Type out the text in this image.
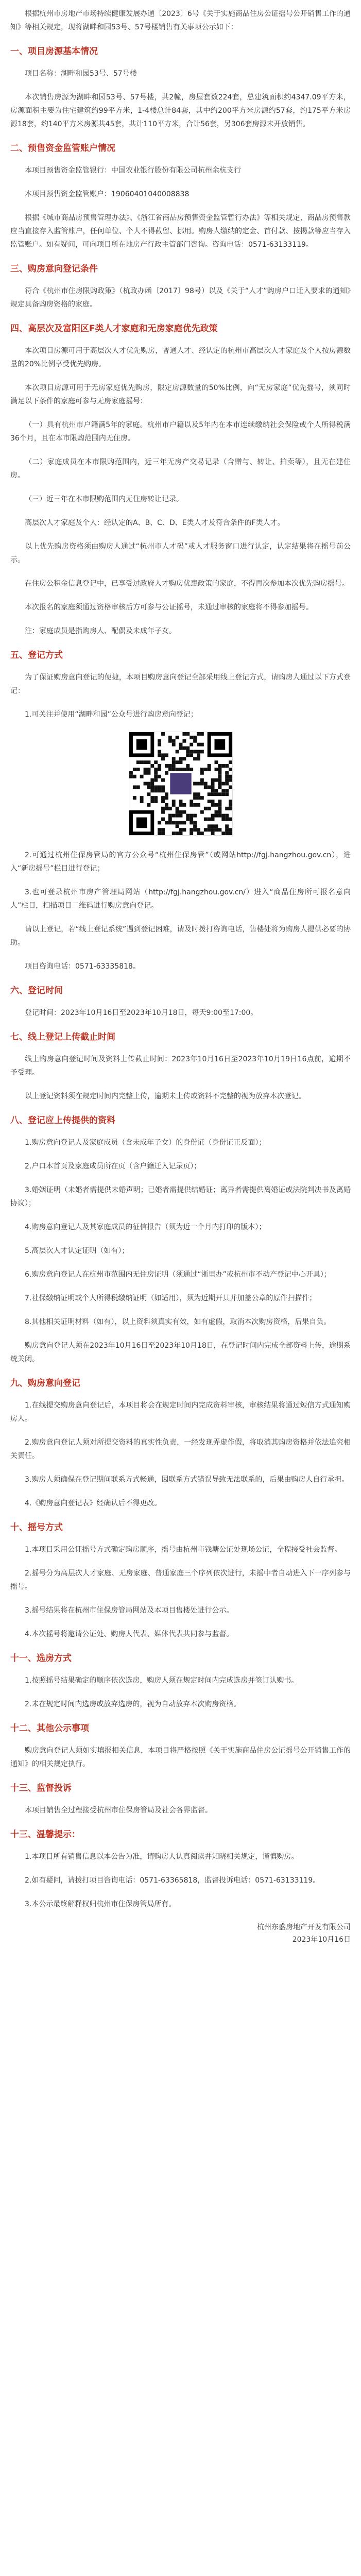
根据杭州市房地产市场持续健康发展办通〔2023〕6号《关于实施商品住房公证摇号公开销售工作的通知》等相关规定，现将湖畔和园53号、57号楼销售有关事项公示如下：

一、项目房源基本情况

项目名称：湖畔和园53号、57号楼

本次销售房源为湖畔和园53号、57号楼，共2幢，房屋套数224套，总建筑面积约4347.09平方米，房源面积主要为住宅建筑约99平方米，1-4楼总计84套，其中约200平方米房源约57套，约175平方米房源18套，约140平方米房源共45套，共计110平方米，合计56套，另306套房源未开放销售。

二、预售资金监管账户情况

本项目预售资金监管银行：中国农业银行股份有限公司杭州余杭支行

本项目预售资金监管账户：19060401040008838

根据《城市商品房预售管理办法》、《浙江省商品房预售资金监管暂行办法》等相关规定，商品房预售款应当直接存入监管账户，任何单位、个人不得截留、挪用。购房人缴纳的定金、首付款、按揭款等应当存入监管账户。如有疑问，可向项目所在地房产行政主管部门咨询。咨询电话：0571-63133119。

三、购房意向登记条件

符合《杭州市住房限购政策》（杭政办函〔2017〕98号）以及《关于“人才”购房户口迁入要求的通知》规定具备购房资格的家庭。

四、高层次及富阳区F类人才家庭和无房家庭优先政策

本次项目房源可用于高层次人才优先购房，普通人才、经认定的杭州市高层次人才家庭及个人按房源数量的20%比例享受优先购房。

本次项目房源可用于无房家庭优先购房，限定房源数量的50%比例，向“无房家庭”优先摇号，须同时满足以下条件的家庭可参与无房家庭摇号：

（一）具有杭州市户籍满5年的家庭。杭州市户籍以及5年内在本市连续缴纳社会保险或个人所得税满36个月，且在本市限购范围内无住房。

（二）家庭成员在本市限购范围内，近三年无房产交易记录（含赠与、转让、拍卖等），且无在建住房。

（三）近三年在本市限购范围内无住房转让记录。

高层次人才家庭及个人：经认定的A、B、C、D、E类人才及符合条件的F类人才。

以上优先购房资格须由购房人通过“杭州市人才码”或人才服务窗口进行认定，认定结果将在摇号前公示。

在住房公积金信息登记中，已享受过政府人才购房优惠政策的家庭，不得再次参加本次优先购房摇号。

本次报名的家庭须通过资格审核后方可参与公证摇号，未通过审核的家庭将不得参加摇号。

注：家庭成员是指购房人、配偶及未成年子女。

五、登记方式

为了保证购房意向登记的便捷，本项目购房意向登记全部采用线上登记方式，请购房人通过以下方式登记：

1.可关注并使用“湖畔和园”公众号进行购房意向登记；

2.可通过杭州住保房管局的官方公众号“杭州住保房管”（或网站http://fgj.hangzhou.gov.cn），进入“新房摇号”栏目进行登记；

3.也可登录杭州市房产管理局网站（http://fgj.hangzhou.gov.cn/）进入“商品住房所可报名意向人”栏目，扫描项目二维码进行购房意向登记。

请以上登记，若“线上登记系统”遇到登记困难，请及时拨打咨询电话，售楼处将为购房人提供必要的协助。

项目咨询电话：0571-63335818。

六、登记时间

登记时间：2023年10月16日至2023年10月18日，每天9:00至17:00。

七、线上登记上传截止时间

线上购房意向登记时间及资料上传截止时间：2023年10月16日至2023年10月19日16点前，逾期不予受理。

以上登记资料须在规定时间内完整上传，逾期未上传或资料不完整的视为放弃本次登记。

八、登记应上传提供的资料

1.购房意向登记人及家庭成员（含未成年子女）的身份证（身份证正反面）；

2.户口本首页及家庭成员所在页（含户籍迁入记录页）；

3.婚姻证明（未婚者需提供未婚声明；已婚者需提供结婚证；离异者需提供离婚证或法院判决书及离婚协议）；

4.购房意向登记人及其家庭成员的征信报告（须为近一个月内打印的版本）；

5.高层次人才认定证明（如有）；

6.购房意向登记人在杭州市范围内无住房证明（须通过“浙里办”或杭州市不动产登记中心开具）；

7.社保缴纳证明或个人所得税缴纳证明（如适用），须为近期开具并加盖公章的原件扫描件；

8.其他相关证明材料（如有），以上资料须真实有效，如有虚假，取消本次购房资格，后果自负。

购房意向登记人须在2023年10月16日至2023年10月18日，在登记时间内完成全部资料上传，逾期系统关闭。

九、购房意向登记

1.在线提交购房意向登记后，本项目将会在规定时间内完成资料审核，审核结果将通过短信方式通知购房人。

2.购房意向登记人须对所提交资料的真实性负责，一经发现弄虚作假，将取消其购房资格并依法追究相关责任。

3.购房人须确保在登记期间联系方式畅通，因联系方式错误导致无法联系的，后果由购房人自行承担。

4.《购房意向登记表》经确认后不得更改。

十、摇号方式

1.本项目采用公证摇号方式确定购房顺序，摇号由杭州市钱塘公证处现场公证，全程接受社会监督。

2.摇号分为高层次人才家庭、无房家庭、普通家庭三个序列依次进行，未摇中者自动进入下一序列参与摇号。

3.摇号结果将在杭州市住保房管局网站及本项目售楼处进行公示。

4.本次摇号将邀请公证处、购房人代表、媒体代表共同参与监督。

十一、选房方式

1.按照摇号结果确定的顺序依次选房，购房人须在规定时间内完成选房并签订认购书。

2.未在规定时间内选房或放弃选房的，视为自动放弃本次购房资格。

十二、其他公示事项

购房意向登记人须如实填报相关信息，本项目将严格按照《关于实施商品住房公证摇号公开销售工作的通知》的相关规定执行。

十三、监督投诉

本项目销售全过程接受杭州市住保房管局及社会各界监督。

十三、温馨提示：

1.本项目所有销售信息以本公告为准，请购房人认真阅读并知晓相关规定，谨慎购房。

2.如有疑问，请拨打项目咨询电话：0571-63365818，监督投诉电话：0571-63133119。

3.本公示最终解释权归杭州市住保房管局所有。

杭州东盛房地产开发有限公司

2023年10月16日
